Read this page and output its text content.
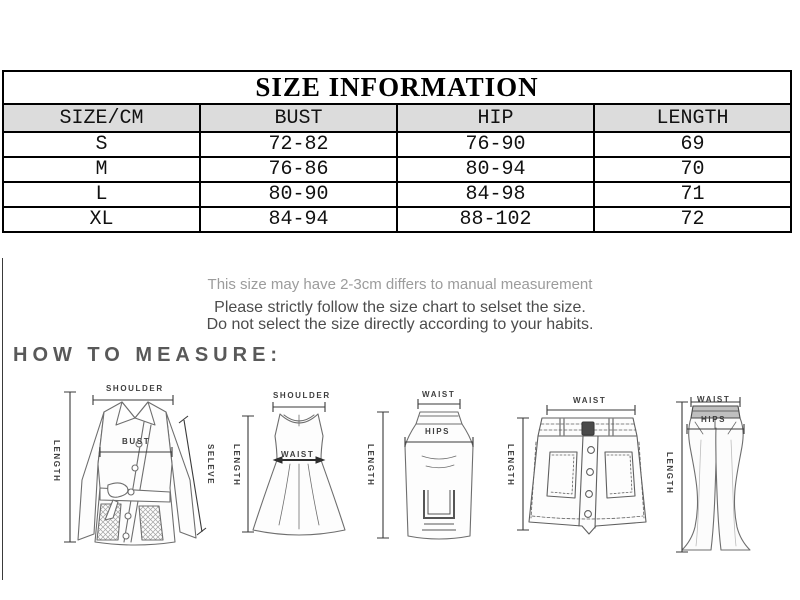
SIZE INFORMATION			
SIZE/CM	BUST	HIP	LENGTH
S	72-82	76-90	69
M	76-86	80-94	70
L	80-90	84-98	71
XL	84-94	88-102	72

This size may have 2-3cm differs to manual measurement

Please strictly follow the size chart to selset the size.

Do not select the size directly according to your habits.

HOW TO MEASURE:
SHOULDER
LENGTH	BUST
SELEVE
SHOULDER
LENGTH	WAIST
WAIST
HIPS
LENGTH
WAIST
LENGTH
WAIST
HIPS
LENGTH
